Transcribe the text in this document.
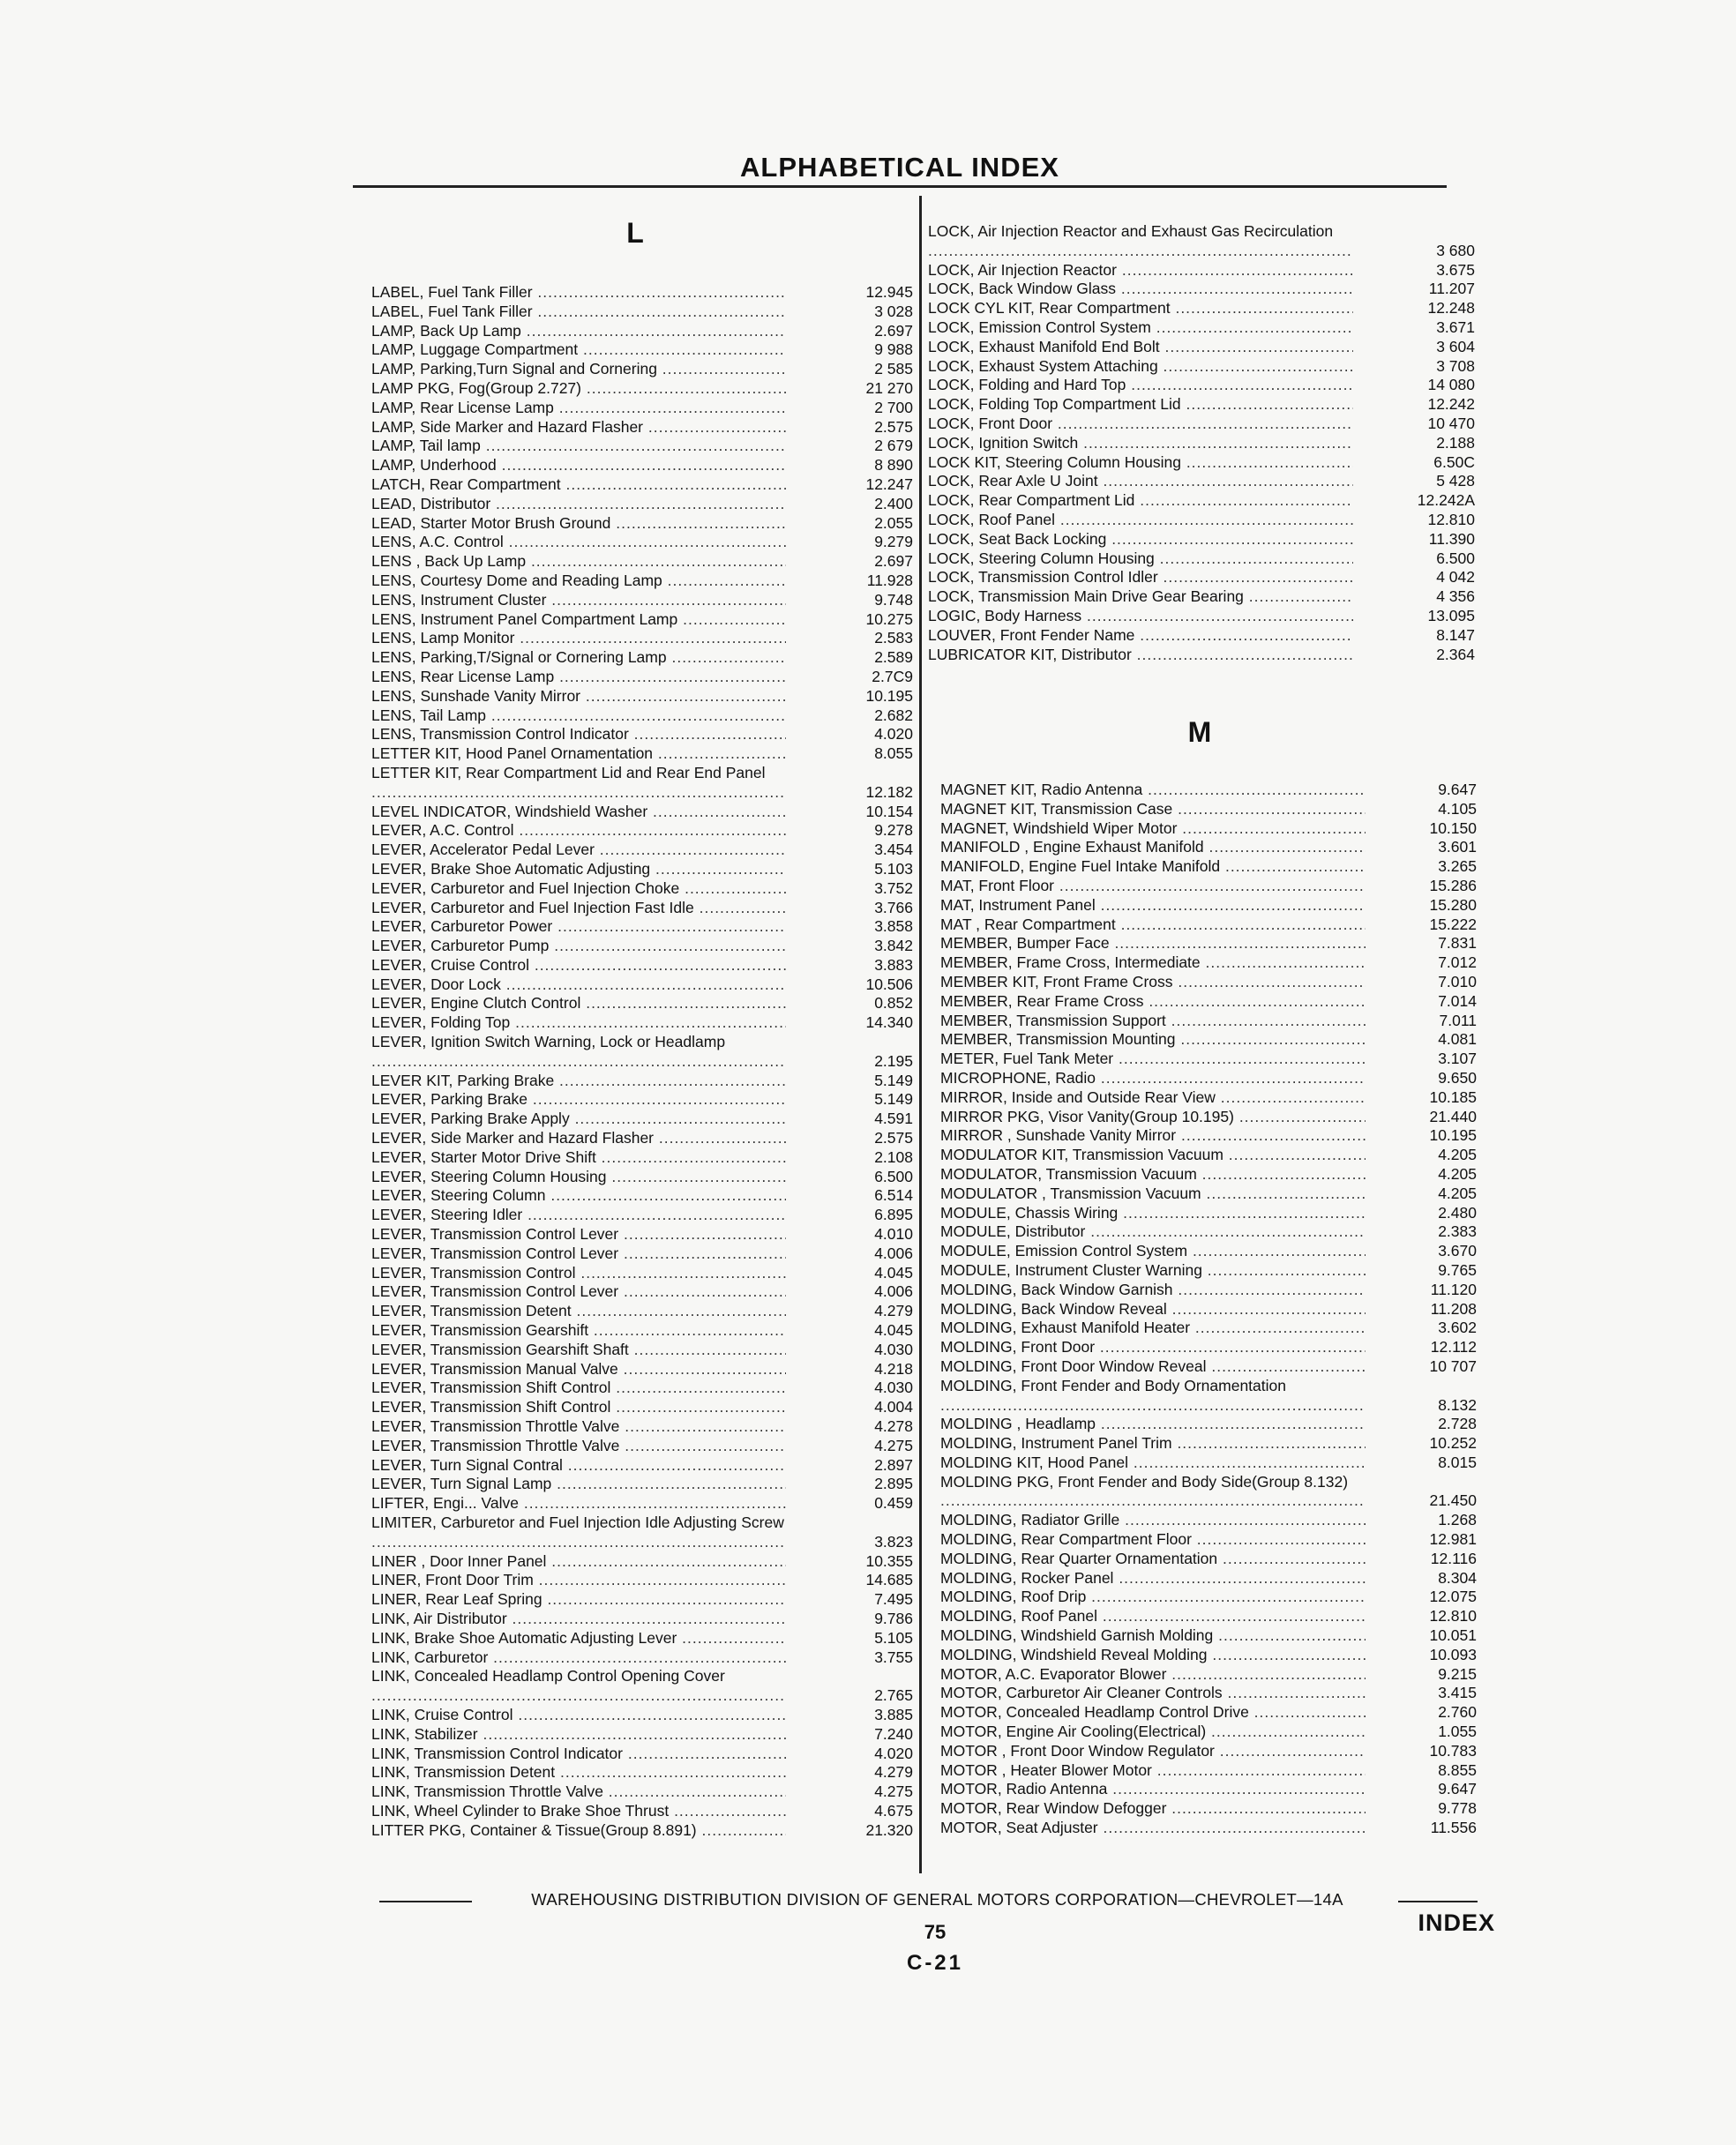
ALPHABETICAL INDEX
L
M
LABEL, Fuel Tank Filler .....	12.945
LABEL, Fuel Tank Filler .....	3 028
LAMP, Back Up Lamp .....	2.697
LAMP, Luggage Compartment .....	9 988
LAMP, Parking,Turn Signal and Cornering .....	2 585
LAMP PKG, Fog(Group 2.727) .....	21 270
LAMP, Rear License Lamp .....	2 700
LAMP, Side Marker and Hazard Flasher .....	2.575
LAMP, Tail lamp .....	2 679
LAMP, Underhood .....	8 890
LATCH, Rear Compartment .....	12.247
LEAD, Distributor .....	2.400
LEAD, Starter Motor Brush Ground .....	2.055
LENS, A.C. Control .....	9.279
LENS , Back Up Lamp .....	2.697
LENS, Courtesy Dome and Reading Lamp .....	11.928
LENS, Instrument Cluster .....	9.748
LENS, Instrument Panel Compartment Lamp .....	10.275
LENS, Lamp Monitor .....	2.583
LENS, Parking,T/Signal or Cornering Lamp .....	2.589
LENS, Rear License Lamp .....	2.7C9
LENS, Sunshade Vanity Mirror .....	10.195
LENS, Tail Lamp .....	2.682
LENS, Transmission Control Indicator .....	4.020
LETTER KIT, Hood Panel Ornamentation .....	8.055
LETTER KIT, Rear Compartment Lid and Rear End Panel .....
12.182
LEVEL INDICATOR, Windshield Washer .....	10.154
LEVER, A.C. Control .....	9.278
LEVER, Accelerator Pedal Lever .....	3.454
LEVER, Brake Shoe Automatic Adjusting .....	5.103
LEVER, Carburetor and Fuel Injection Choke .....	3.752
LEVER, Carburetor and Fuel Injection Fast Idle .....	3.766
LEVER, Carburetor Power .....	3.858
LEVER, Carburetor Pump .....	3.842
LEVER, Cruise Control .....	3.883
LEVER, Door Lock .....	10.506
LEVER, Engine Clutch Control .....	0.852
LEVER, Folding Top .....	14.340
LEVER, Ignition Switch Warning, Lock or Headlamp .....
2.195
LEVER KIT, Parking Brake .....	5.149
LEVER, Parking Brake .....	5.149
LEVER, Parking Brake Apply .....	4.591
LEVER, Side Marker and Hazard Flasher .....	2.575
LEVER, Starter Motor Drive Shift .....	2.108
LEVER, Steering Column Housing .....	6.500
LEVER, Steering Column .....	6.514
LEVER, Steering Idler .....	6.895
LEVER, Transmission Control Lever .....	4.010
LEVER, Transmission Control Lever .....	4.006
LEVER, Transmission Control .....	4.045
LEVER, Transmission Control Lever .....	4.006
LEVER, Transmission Detent .....	4.279
LEVER, Transmission Gearshift .....	4.045
LEVER, Transmission Gearshift Shaft .....	4.030
LEVER, Transmission Manual Valve .....	4.218
LEVER, Transmission Shift Control .....	4.030
LEVER, Transmission Shift Control .....	4.004
LEVER, Transmission Throttle Valve .....	4.278
LEVER, Transmission Throttle Valve .....	4.275
LEVER, Turn Signal Contral .....	2.897
LEVER, Turn Signal Lamp .....	2.895
LIFTER, Engi... Valve .....	0.459
LIMITER, Carburetor and Fuel Injection Idle Adjusting Screw .....
3.823
LINER , Door Inner Panel .....	10.355
LINER, Front Door Trim .....	14.685
LINER, Rear Leaf Spring .....	7.495
LINK, Air Distributor .....	9.786
LINK, Brake Shoe Automatic Adjusting Lever .....	5.105
LINK, Carburetor .....	3.755
LINK, Concealed Headlamp Control Opening Cover .....
2.765
LINK, Cruise Control .....	3.885
LINK, Stabilizer .....	7.240
LINK, Transmission Control Indicator .....	4.020
LINK, Transmission Detent .....	4.279
LINK, Transmission Throttle Valve .....	4.275
LINK, Wheel Cylinder to Brake Shoe Thrust .....	4.675
LITTER PKG, Container & Tissue(Group 8.891) .....	21.320
LOCK, Air Injection Reactor and Exhaust Gas Recirculation .....
3 680
LOCK, Air Injection Reactor .....	3.675
LOCK, Back Window Glass .....	11.207
LOCK CYL KIT, Rear Compartment .....	12.248
LOCK, Emission Control System .....	3.671
LOCK, Exhaust Manifold End Bolt .....	3 604
LOCK, Exhaust System Attaching .....	3 708
LOCK, Folding and Hard Top .....	14 080
LOCK, Folding Top Compartment Lid .....	12.242
LOCK, Front Door .....	10 470
LOCK, Ignition Switch .....	2.188
LOCK KIT, Steering Column Housing .....	6.50C
LOCK, Rear Axle U Joint .....	5 428
LOCK, Rear Compartment Lid .....	12.242A
LOCK, Roof Panel .....	12.810
LOCK, Seat Back Locking .....	11.390
LOCK, Steering Column Housing .....	6.500
LOCK, Transmission Control Idler .....	4 042
LOCK, Transmission Main Drive Gear Bearing .....	4 356
LOGIC, Body Harness .....	13.095
LOUVER, Front Fender Name .....	8.147
LUBRICATOR KIT, Distributor .....	2.364
MAGNET KIT, Radio Antenna .....	9.647
MAGNET KIT, Transmission Case .....	4.105
MAGNET, Windshield Wiper Motor .....	10.150
MANIFOLD , Engine Exhaust Manifold .....	3.601
MANIFOLD, Engine Fuel Intake Manifold .....	3.265
MAT, Front Floor .....	15.286
MAT, Instrument Panel .....	15.280
MAT , Rear Compartment .....	15.222
MEMBER, Bumper Face .....	7.831
MEMBER, Frame Cross, Intermediate .....	7.012
MEMBER KIT, Front Frame Cross .....	7.010
MEMBER, Rear Frame Cross .....	7.014
MEMBER, Transmission Support .....	7.011
MEMBER, Transmission Mounting .....	4.081
METER, Fuel Tank Meter .....	3.107
MICROPHONE, Radio .....	9.650
MIRROR, Inside and Outside Rear View .....	10.185
MIRROR PKG, Visor Vanity(Group 10.195) .....	21.440
MIRROR , Sunshade Vanity Mirror .....	10.195
MODULATOR KIT, Transmission Vacuum .....	4.205
MODULATOR, Transmission Vacuum .....	4.205
MODULATOR , Transmission Vacuum .....	4.205
MODULE, Chassis Wiring .....	2.480
MODULE, Distributor .....	2.383
MODULE, Emission Control System .....	3.670
MODULE, Instrument Cluster Warning .....	9.765
MOLDING, Back Window Garnish .....	11.120
MOLDING, Back Window Reveal .....	11.208
MOLDING, Exhaust Manifold Heater .....	3.602
MOLDING, Front Door .....	12.112
MOLDING, Front Door Window Reveal .....	10 707
MOLDING, Front Fender and Body Ornamentation .....
8.132
MOLDING , Headlamp .....	2.728
MOLDING, Instrument Panel Trim .....	10.252
MOLDING KIT, Hood Panel .....	8.015
MOLDING PKG, Front Fender and Body Side(Group 8.132) .....
21.450
MOLDING, Radiator Grille .....	1.268
MOLDING, Rear Compartment Floor .....	12.981
MOLDING, Rear Quarter Ornamentation .....	12.116
MOLDING, Rocker Panel .....	8.304
MOLDING, Roof Drip .....	12.075
MOLDING, Roof Panel .....	12.810
MOLDING, Windshield Garnish Molding .....	10.051
MOLDING, Windshield Reveal Molding .....	10.093
MOTOR, A.C. Evaporator Blower .....	9.215
MOTOR, Carburetor Air Cleaner Controls .....	3.415
MOTOR, Concealed Headlamp Control Drive .....	2.760
MOTOR, Engine Air Cooling(Electrical) .....	1.055
MOTOR , Front Door Window Regulator .....	10.783
MOTOR , Heater Blower Motor .....	8.855
MOTOR, Radio Antenna .....	9.647
MOTOR, Rear Window Defogger .....	9.778
MOTOR, Seat Adjuster .....	11.556
WAREHOUSING DISTRIBUTION DIVISION OF GENERAL MOTORS CORPORATION—CHEVROLET—14A
INDEX
75
C-21
